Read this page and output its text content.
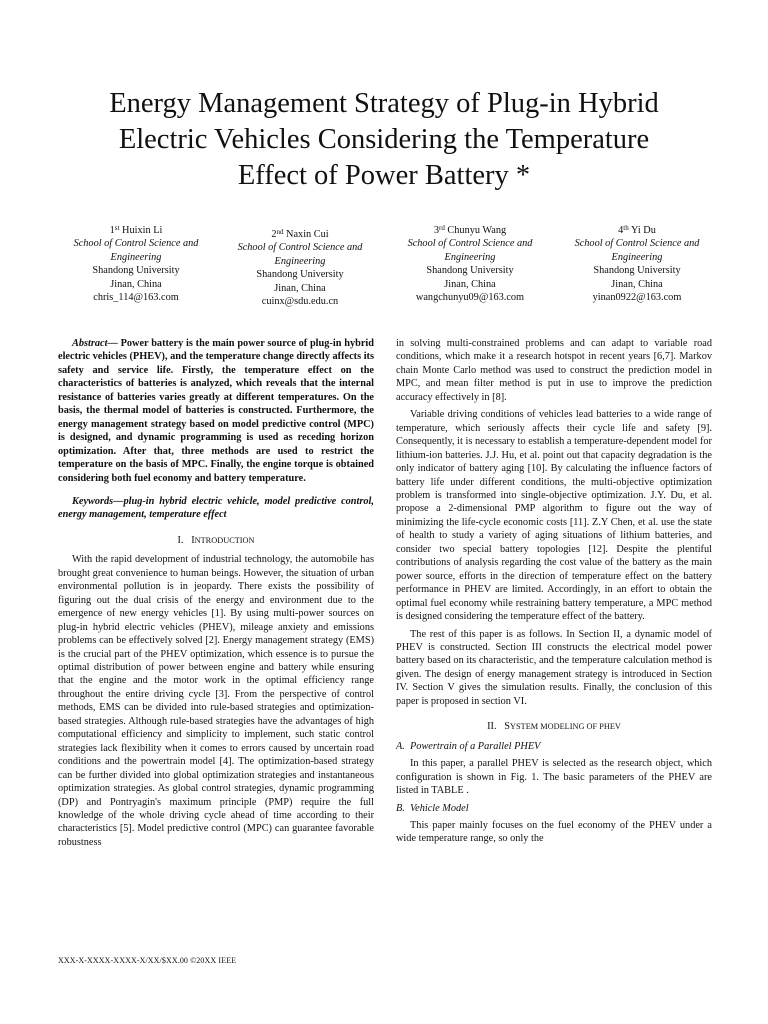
Energy Management Strategy of Plug-in Hybrid
Electric Vehicles Considering the Temperature
Effect of Power Battery *
1st Huixin Li
School of Control Science and
Engineering
Shandong University
Jinan, China
chris_114@163.com
2nd Naxin Cui
School of Control Science and
Engineering
Shandong University
Jinan, China
cuinx@sdu.edu.cn
3rd Chunyu Wang
School of Control Science and
Engineering
Shandong University
Jinan, China
wangchunyu09@163.com
4th Yi Du
School of Control Science and
Engineering
Shandong University
Jinan, China
yinan0922@163.com

Abstract— Power battery is the main power source of plug-in hybrid electric vehicles (PHEV), and the temperature change directly affects its safety and service life. Firstly, the temperature effect on the characteristics of batteries is analyzed, which reveals that the internal resistance of batteries varies greatly at different temperatures. On the basis, the thermal model of batteries is constructed. Furthermore, the energy management strategy based on model predictive control (MPC) is designed, and dynamic programming is used as receding horizon optimization. After that, three methods are used to restrict the temperature on the basis of MPC. Finally, the engine torque is obtained considering both fuel economy and battery temperature.

Keywords—plug-in hybrid electric vehicle, model predictive control, energy management, temperature effect

I. INTRODUCTION

With the rapid development of industrial technology, the automobile has brought great convenience to human beings. However, the situation of urban environmental pollution is in jeopardy. There exists the possibility of figuring out the dual crisis of the energy and environment due to the emergence of new energy vehicles [1]. By using multi-power sources on plug-in hybrid electric vehicles (PHEV), mileage anxiety and emissions problems can be effectively solved [2]. Energy management strategy (EMS) is the crucial part of the PHEV optimization, which essence is to pursue the optimal distribution of power between engine and battery while ensuring that the engine and the motor work in the optimal efficiency range throughout the entire driving cycle [3]. From the perspective of control methods, EMS can be divided into rule-based strategies and optimization-based strategies. Although rule-based strategies have the advantages of high computational efficiency and simplicity to implement, such static control strategies lack flexibility when it comes to errors caused by uncertain road conditions and the powertrain model [4]. The optimization-based strategy can be further divided into global optimization strategies and instantaneous optimization strategies. As global control strategies, dynamic programming (DP) and Pontryagin's maximum principle (PMP) require the full knowledge of the whole driving cycle ahead of time according to their characteristics [5]. Model predictive control (MPC) can guarantee favorable robustness

in solving multi-constrained problems and can adapt to variable road conditions, which make it a research hotspot in recent years [6,7]. Markov chain Monte Carlo method was used to construct the prediction model in MPC, and mean filter method is put in use to improve the prediction accuracy effectively in [8].

Variable driving conditions of vehicles lead batteries to a wide range of temperature, which seriously affects their cycle life and safety [9]. Consequently, it is necessary to establish a temperature-dependent model for lithium-ion batteries. J.J. Hu, et al. point out that capacity degradation is the only indicator of battery aging [10]. By calculating the influence factors of battery life under different conditions, the multi-objective optimization problem is transformed into single-objective optimization. J.Y. Du, et al. propose a 2-dimensional PMP algorithm to figure out the way of minimizing the life-cycle economic costs [11]. Z.Y Chen, et al. use the state of health to study a variety of aging situations of lithium batteries, and consider two special battery topologies [12]. Despite the plentiful contributions of analysis regarding the cost value of the battery as the main power source, efforts in the direction of temperature effect on the battery performance in PHEV are limited. Accordingly, in an effort to obtain the optimal fuel economy while restraining battery temperature, a MPC method is designed considering the temperature effect of the battery.

The rest of this paper is as follows. In Section II, a dynamic model of PHEV is constructed. Section III constructs the electrical model power battery based on its characteristic, and the temperature calculation method is given. The design of energy management strategy is introduced in Section IV. Section V gives the simulation results. Finally, the conclusion of this paper is proposed in section VI.

II. SYSTEM MODELING OF PHEV

A. Powertrain of a Parallel PHEV

In this paper, a parallel PHEV is selected as the research object, which configuration is shown in Fig. 1. The basic parameters of the PHEV are listed in TABLE .

B. Vehicle Model

This paper mainly focuses on the fuel economy of the PHEV under a wide temperature range, so only the

XXX-X-XXXX-XXXX-X/XX/$XX.00 ©20XX IEEE
